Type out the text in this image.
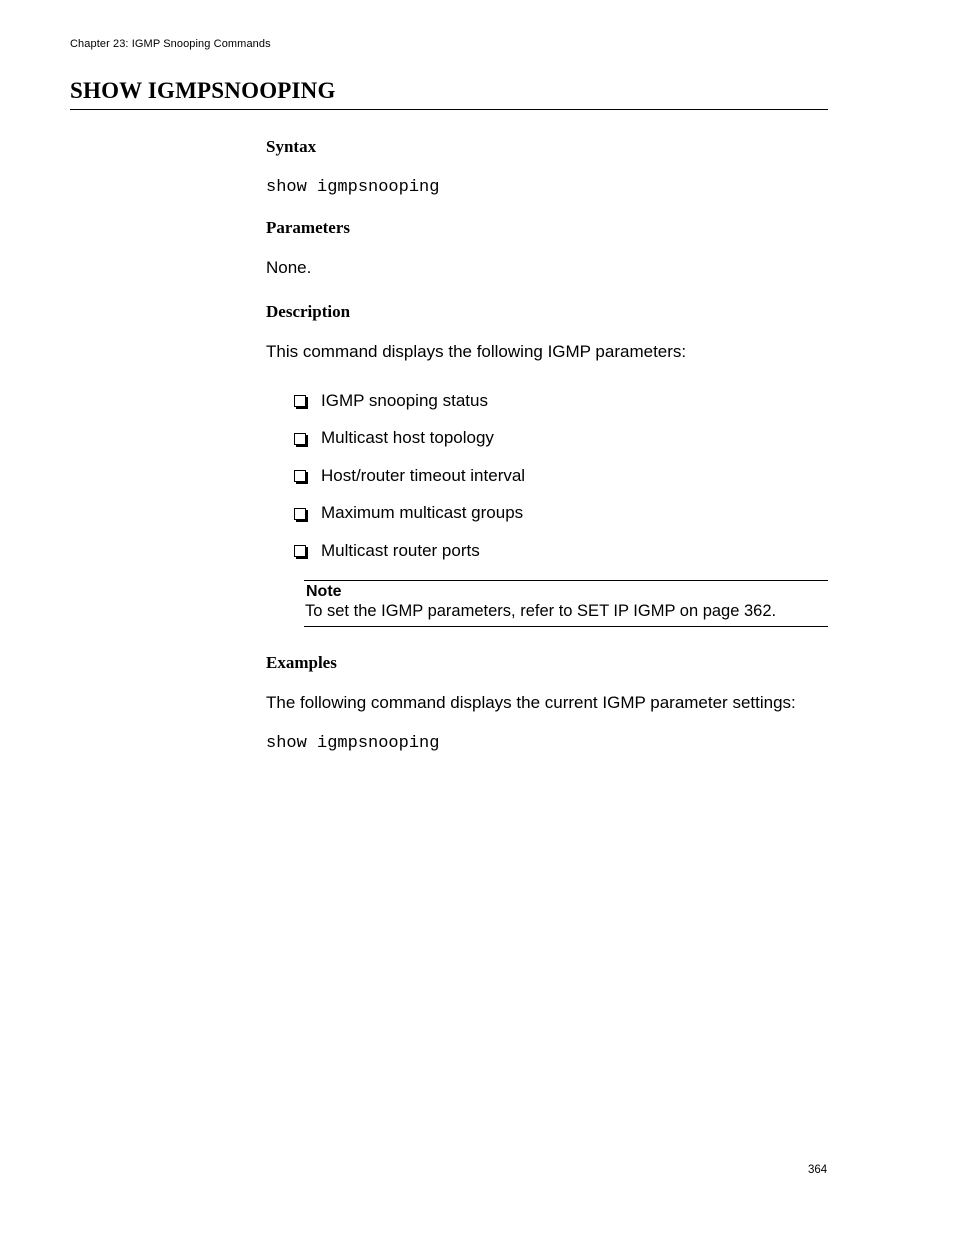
Chapter 23: IGMP Snooping Commands
SHOW IGMPSNOOPING
Syntax
show igmpsnooping
Parameters
None.
Description
This command displays the following IGMP parameters:
IGMP snooping status
Multicast host topology
Host/router timeout interval
Maximum multicast groups
Multicast router ports
Note
To set the IGMP parameters, refer to SET IP IGMP on page 362.
Examples
The following command displays the current IGMP parameter settings:
show igmpsnooping
364
